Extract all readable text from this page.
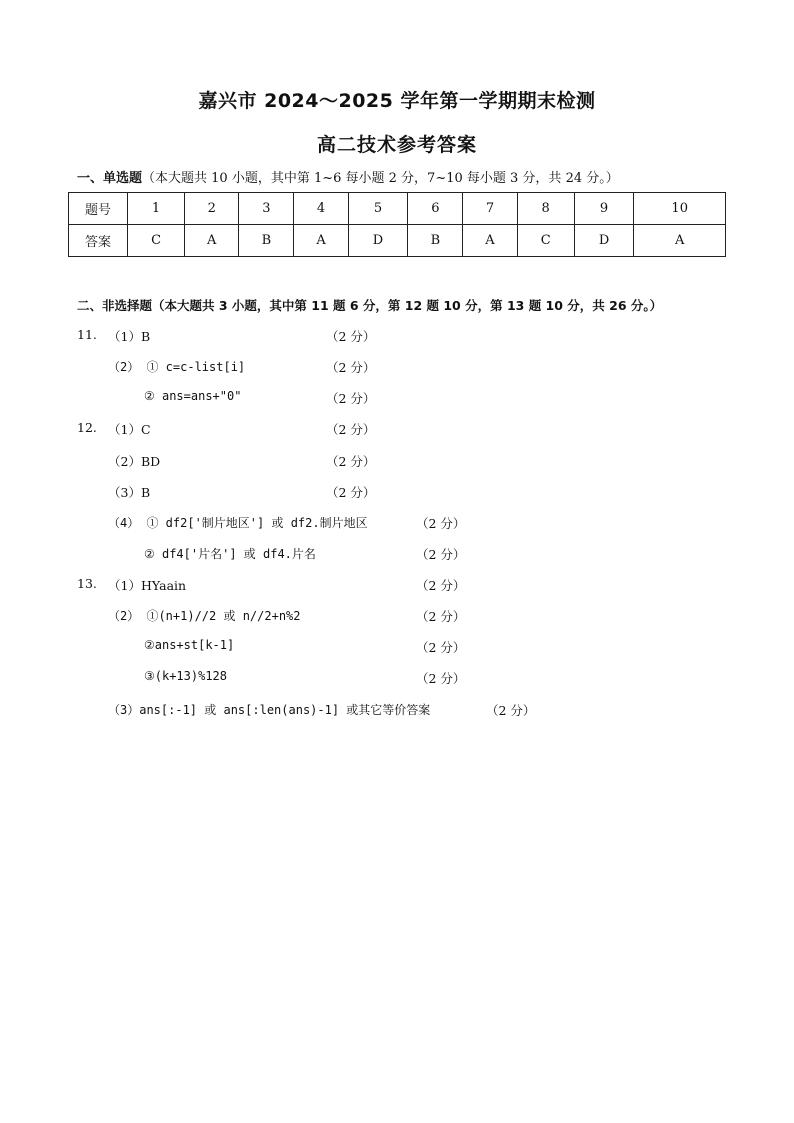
嘉兴市 2024～2025 学年第一学期期末检测
高二技术参考答案
一、单选题（本大题共 10 小题，其中第 1~6 每小题 2 分，7~10 每小题 3 分，共 24 分。）
题号	1	2	3	4	5	6	7	8	9	10
答案	C	A	B	A	D	B	A	C	D	A
二、非选择题（本大题共 3 小题，其中第 11 题 6 分，第 12 题 10 分，第 13 题 10 分，共 26 分。）
11. （1）B	（2 分）
（2） ① c=c-list[i]	（2 分）
② ans=ans+"0"	（2 分）
12. （1）C	（2 分）
（2）BD	（2 分）
（3）B	（2 分）
（4） ① df2['制片地区'] 或 df2.制片地区	（2 分）
② df4['片名'] 或 df4.片名	（2 分）
13. （1）HYaain	（2 分）
（2） ①(n+1)//2 或 n//2+n%2	（2 分）
②ans+st[k-1]	（2 分）
③(k+13)%128	（2 分）
（3）ans[:-1] 或 ans[:len(ans)-1] 或其它等价答案	（2 分）
